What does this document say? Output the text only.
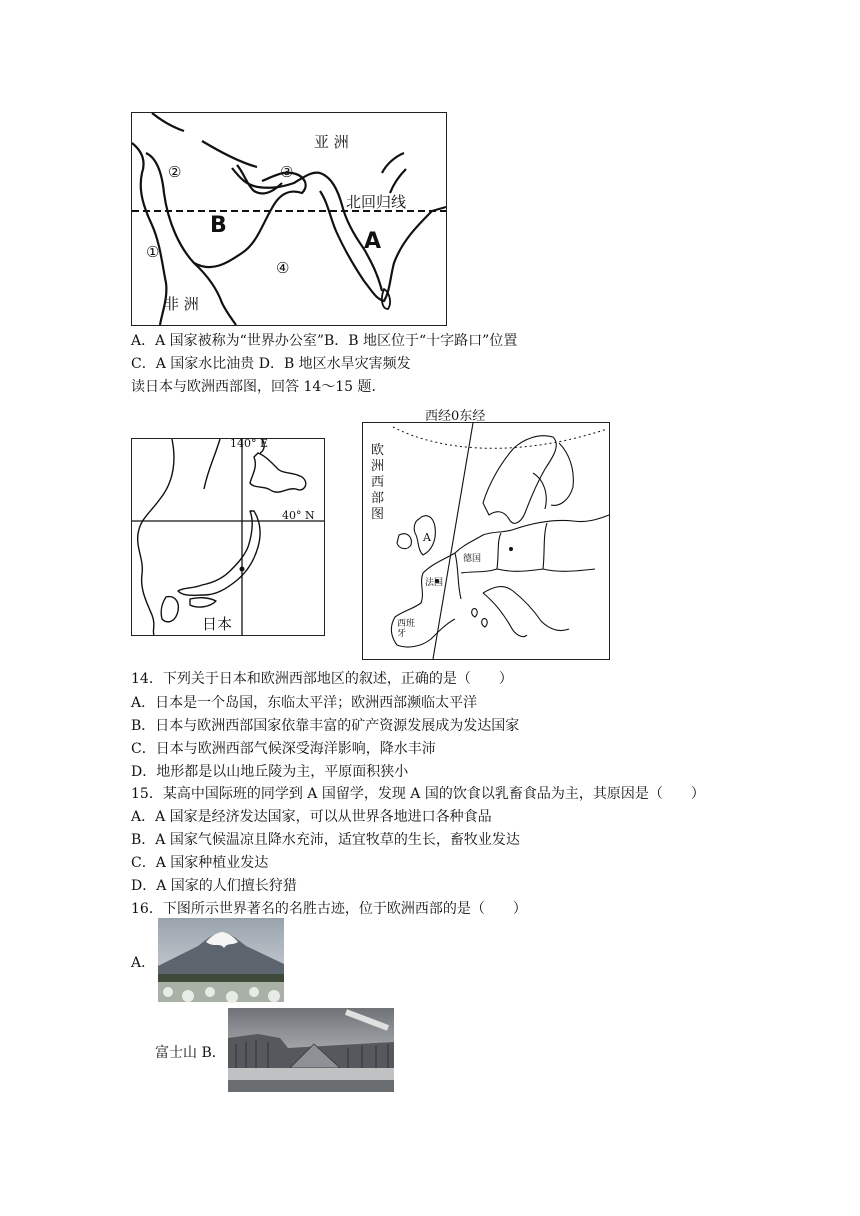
亚 洲
北回归线
非 洲
A
B
①
②	③
④
A．A 国家被称为“世界办公室”B．B 地区位于“十字路口”位置
C．A 国家水比油贵 D．B 地区水旱灾害频发
读日本与欧洲西部图，回答 14～15 题．
140° E
40° N
日本
西经0东经
欧
洲
西
部
图
A
德国
法国
西班牙
14．下列关于日本和欧洲西部地区的叙述，正确的是（　　）
A．日本是一个岛国，东临太平洋；欧洲西部濒临太平洋
B．日本与欧洲西部国家依靠丰富的矿产资源发展成为发达国家
C．日本与欧洲西部气候深受海洋影响，降水丰沛
D．地形都是以山地丘陵为主，平原面积狭小
15．某高中国际班的同学到 A 国留学，发现 A 国的饮食以乳畜食品为主，其原因是（　　）
A．A 国家是经济发达国家，可以从世界各地进口各种食品
B．A 国家气候温凉且降水充沛，适宜牧草的生长，畜牧业发达
C．A 国家种植业发达
D．A 国家的人们擅长狩猎
16．下图所示世界著名的名胜古迹，位于欧洲西部的是（　　）
A．
富士山 B．
